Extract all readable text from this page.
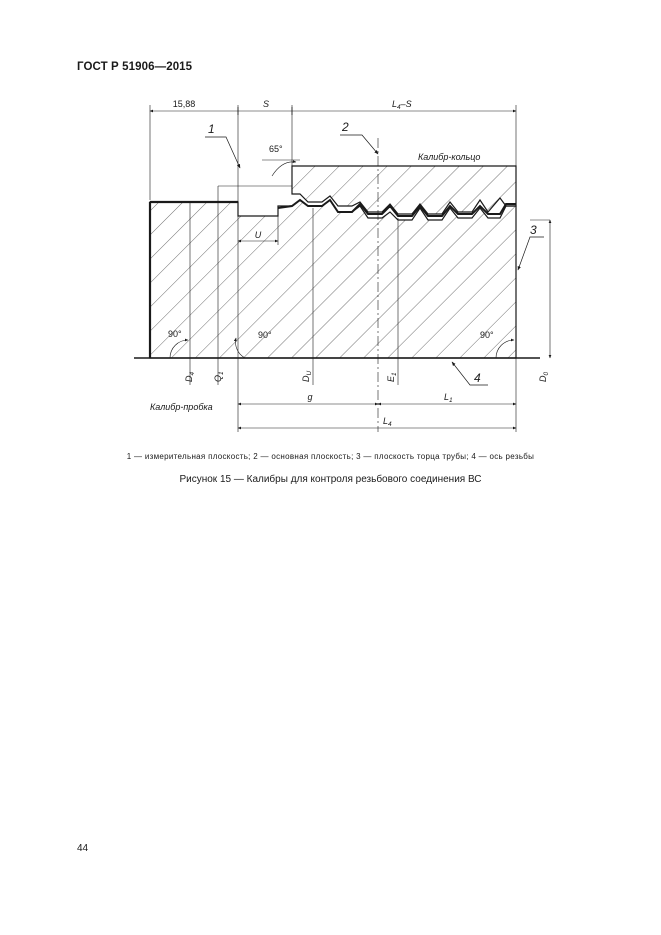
ГОСТ Р 51906—2015
15,88	S	$L_4-S$
U
g	$L_1$
$L_4$
65°
90°	90°	90°
$D_4$
$Q_1$
$D_U$
$E_1$
$D_0$
Калибр-кольцо
Калибр-пробка
1	2
3
4
1 — измерительная плоскость; 2 — основная плоскость; 3 — плоскость торца трубы; 4 — ось резьбы
Рисунок 15 — Калибры для контроля резьбового соединения ВС
44
